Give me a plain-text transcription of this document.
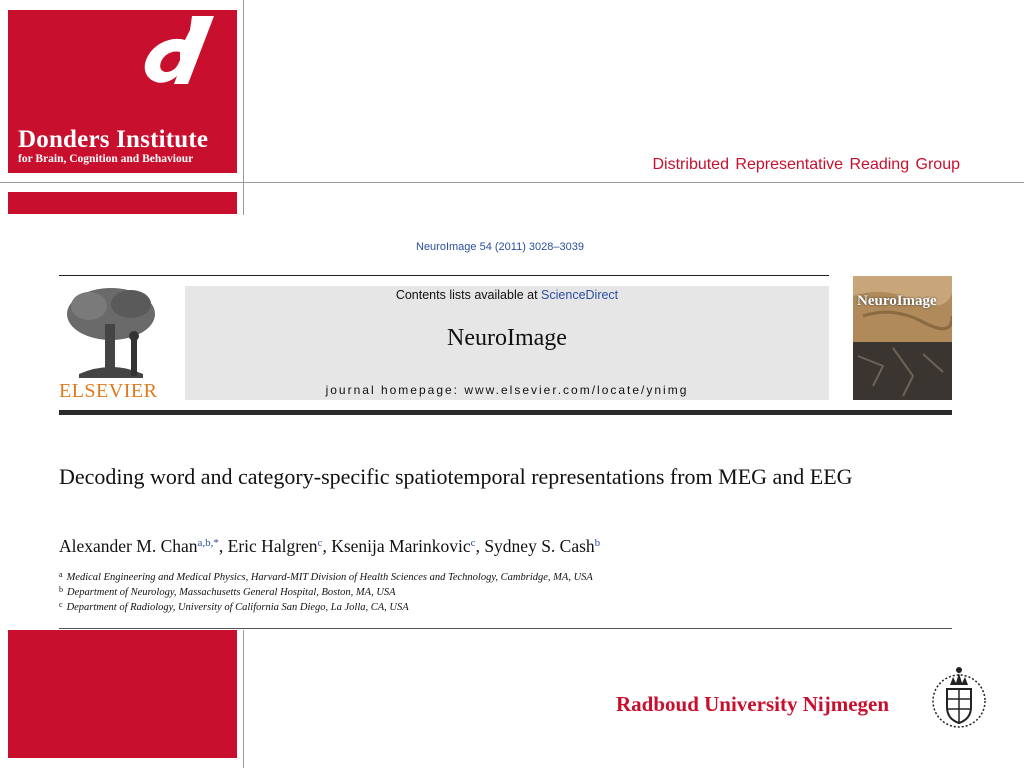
Donders Institute
for Brain, Cognition and Behaviour	Distributed Representative Reading Group
NeuroImage 54 (2011) 3028–3039
ELSEVIER
Contents lists available at ScienceDirect
NeuroImage
journal homepage: www.elsevier.com/locate/ynimg
NeuroImage
Decoding word and category-specific spatiotemporal representations from MEG and EEG
Alexander M. Chan$^{a,b,*}$, Eric Halgren$^c$, Ksenija Marinkovic$^c$, Sydney S. Cash$^b$
$^a$ Medical Engineering and Medical Physics, Harvard-MIT Division of Health Sciences and Technology, Cambridge, MA, USA
$^b$ Department of Neurology, Massachusetts General Hospital, Boston, MA, USA
$^c$ Department of Radiology, University of California San Diego, La Jolla, CA, USA
Radboud University Nijmegen
